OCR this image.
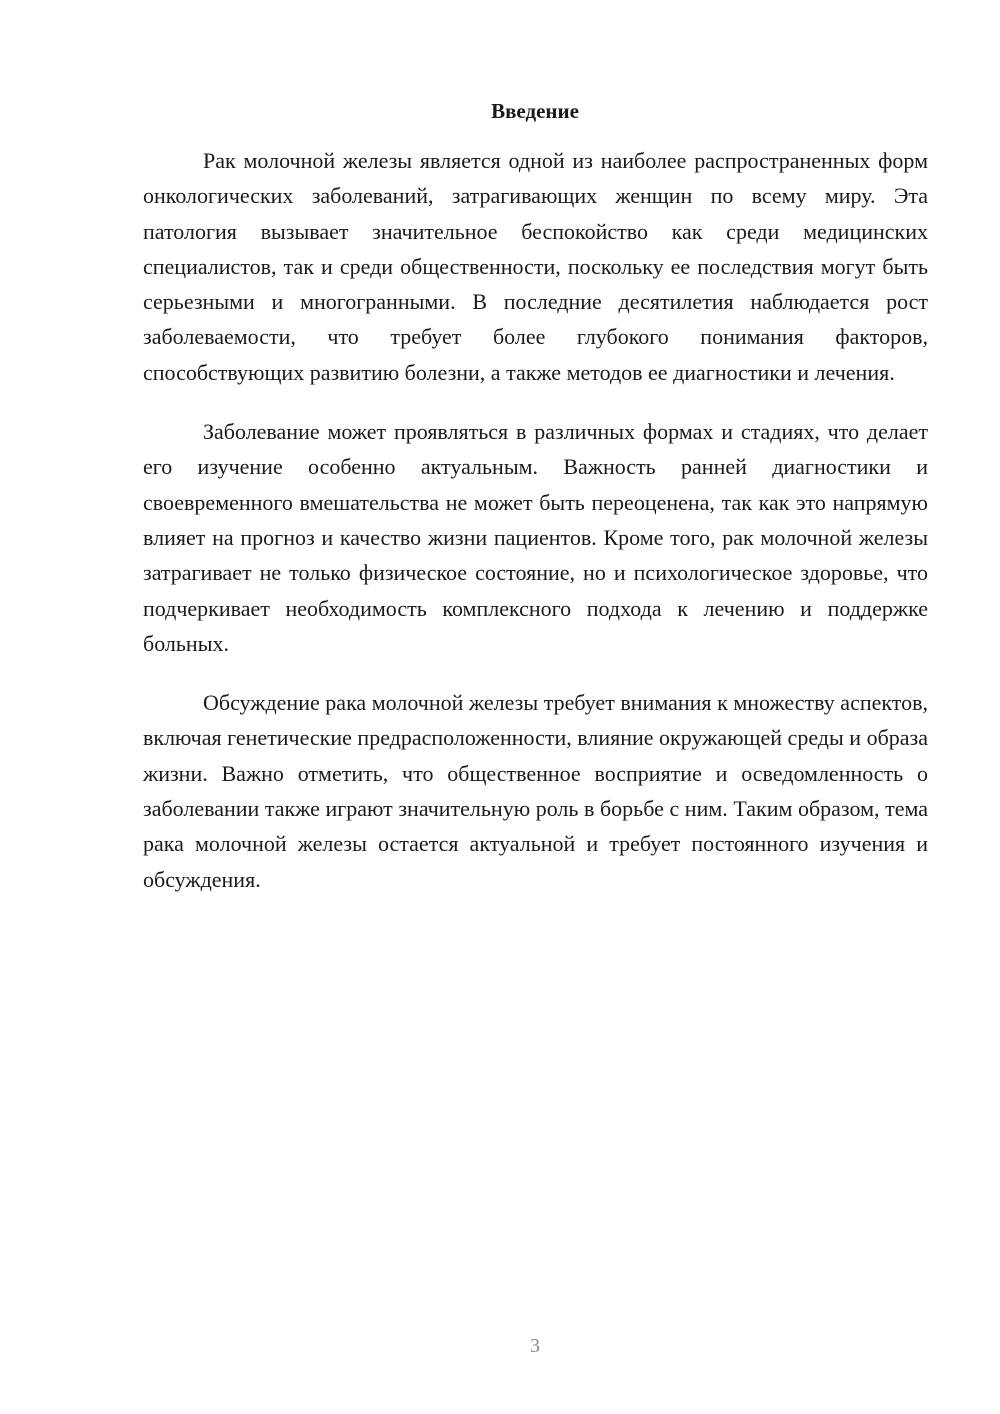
Введение

Рак молочной железы является одной из наиболее распространенных форм онкологических заболеваний, затрагивающих женщин по всему миру. Эта патология вызывает значительное беспокойство как среди медицинских специалистов, так и среди общественности, поскольку ее последствия могут быть серьезными и многогранными. В последние десятилетия наблюдается рост заболеваемости, что требует более глубокого понимания факторов, способствующих развитию болезни, а также методов ее диагностики и лечения.

Заболевание может проявляться в различных формах и стадиях, что делает его изучение особенно актуальным. Важность ранней диагностики и своевременного вмешательства не может быть переоценена, так как это напрямую влияет на прогноз и качество жизни пациентов. Кроме того, рак молочной железы затрагивает не только физическое состояние, но и психологическое здоровье, что подчеркивает необходимость комплексного подхода к лечению и поддержке больных.

Обсуждение рака молочной железы требует внимания к множеству аспектов, включая генетические предрасположенности, влияние окружающей среды и образа жизни. Важно отметить, что общественное восприятие и осведомленность о заболевании также играют значительную роль в борьбе с ним. Таким образом, тема рака молочной железы остается актуальной и требует постоянного изучения и обсуждения.

3
